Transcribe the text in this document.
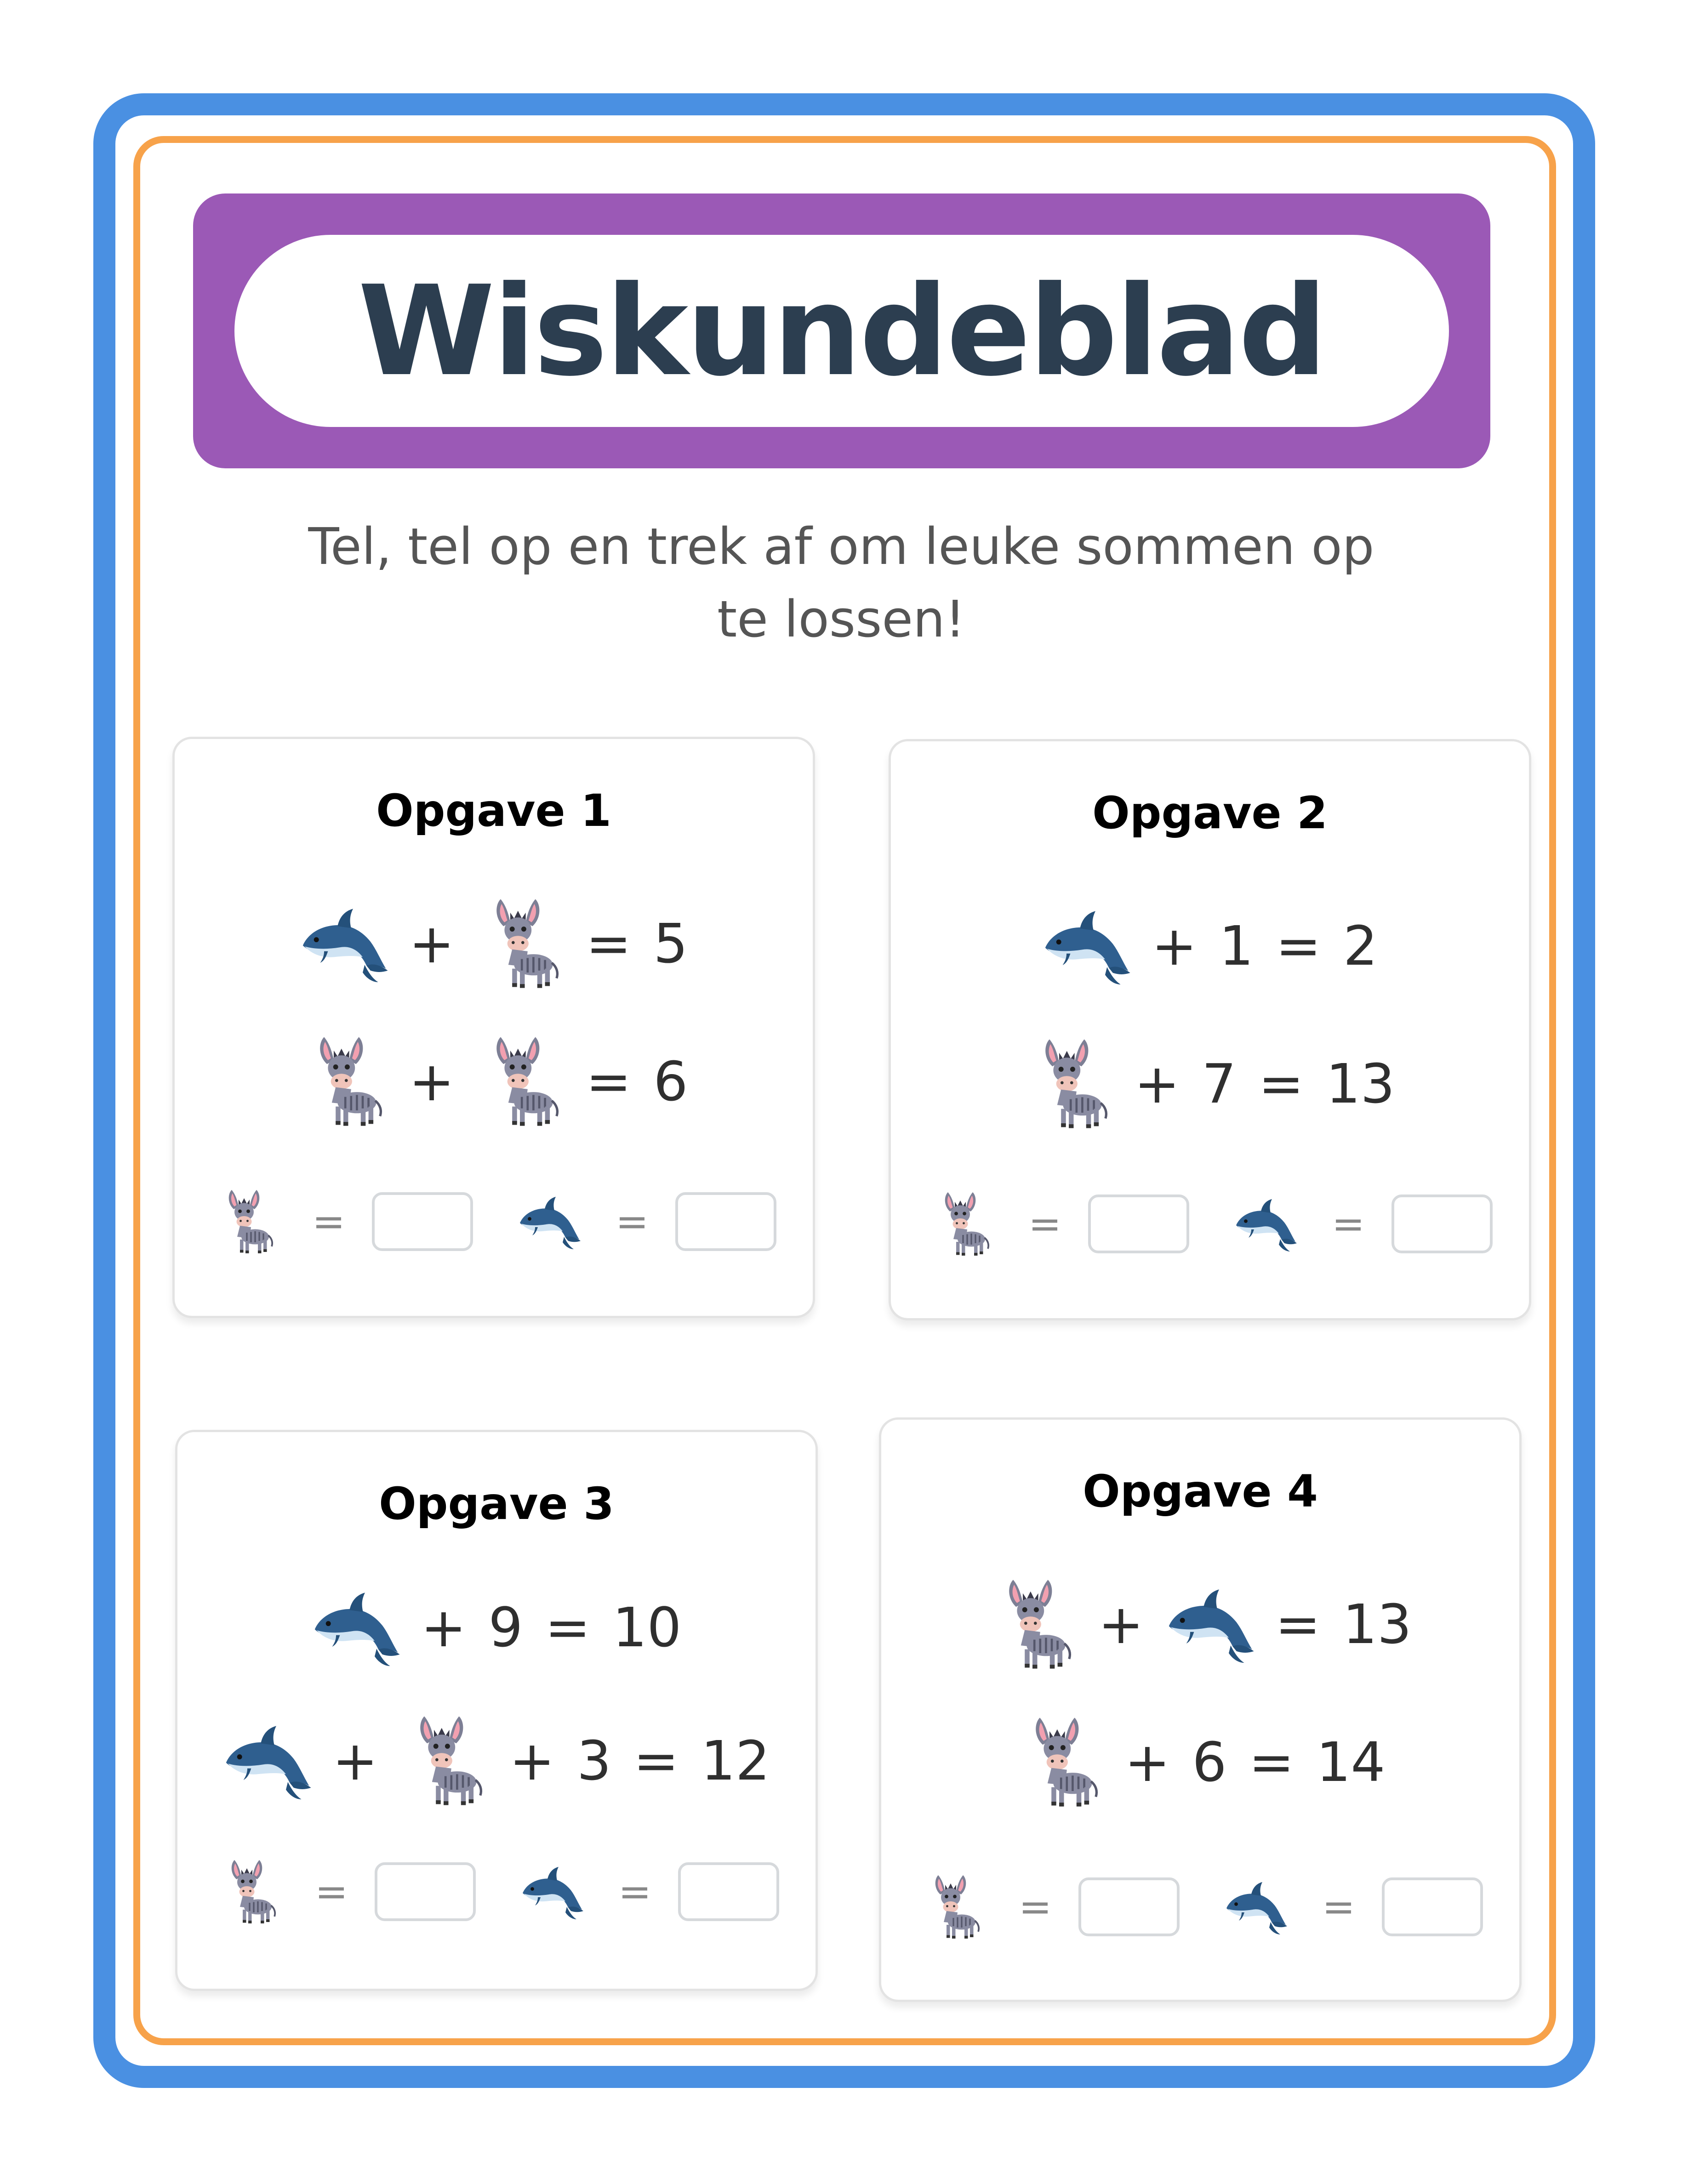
Wiskundeblad
Tel, tel op en trek af om leuke sommen op te lossen!
Opgave 1
+ = 5
+ = 6
=	=
Opgave 2
+ 1 = 2
+ 7 = 13
=	=
Opgave 3
+ 9 = 10
+ + 3 = 12
=	=
Opgave 4
+ = 13
+ 6 = 14
=	=
